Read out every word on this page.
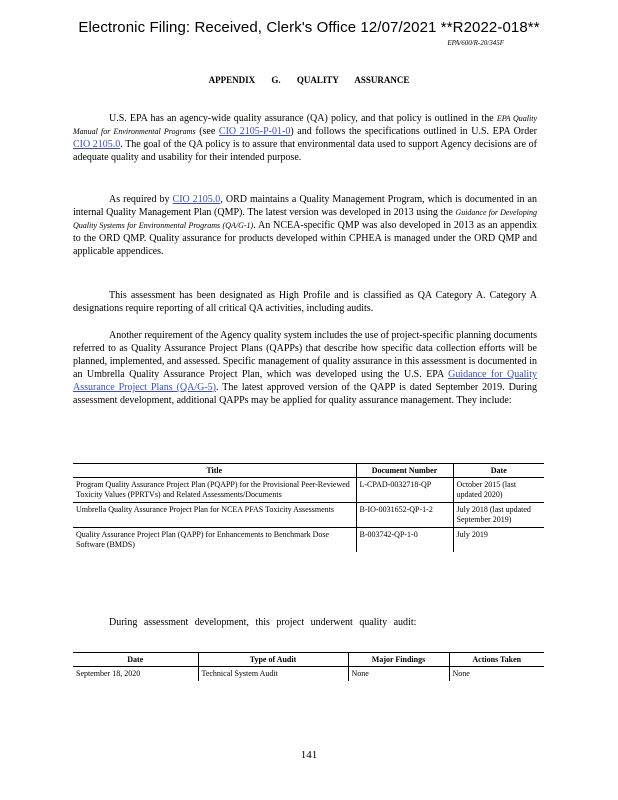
Electronic Filing: Received, Clerk's Office 12/07/2021 **R2022-018**
EPA/600/R-20/345F
APPENDIX G. QUALITY ASSURANCE

U.S. EPA has an agency-wide quality assurance (QA) policy, and that policy is outlined in the EPA Quality Manual for Environmental Programs (see CIO 2105-P-01-0) and follows the specifications outlined in U.S. EPA Order CIO 2105.0. The goal of the QA policy is to assure that environmental data used to support Agency decisions are of adequate quality and usability for their intended purpose.

As required by CIO 2105.0, ORD maintains a Quality Management Program, which is documented in an internal Quality Management Plan (QMP). The latest version was developed in 2013 using the Guidance for Developing Quality Systems for Environmental Programs (QA/G-1). An NCEA-specific QMP was also developed in 2013 as an appendix to the ORD QMP. Quality assurance for products developed within CPHEA is managed under the ORD QMP and applicable appendices.

This assessment has been designated as High Profile and is classified as QA Category A. Category A designations require reporting of all critical QA activities, including audits.

Another requirement of the Agency quality system includes the use of project-specific planning documents referred to as Quality Assurance Project Plans (QAPPs) that describe how specific data collection efforts will be planned, implemented, and assessed. Specific management of quality assurance in this assessment is documented in an Umbrella Quality Assurance Project Plan, which was developed using the U.S. EPA Guidance for Quality Assurance Project Plans (QA/G-5). The latest approved version of the QAPP is dated September 2019. During assessment development, additional QAPPs may be applied for quality assurance management. They include:

Title	Document Number	Date
Program Quality Assurance Project Plan (PQAPP) for the Provisional Peer-Reviewed Toxicity Values (PPRTVs) and Related Assessments/Documents	L-CPAD-0032718-QP	October 2015 (last updated 2020)
Umbrella Quality Assurance Project Plan for NCEA PFAS Toxicity Assessments	B-IO-0031652-QP-1-2	July 2018 (last updated September 2019)
Quality Assurance Project Plan (QAPP) for Enhancements to Benchmark Dose Software (BMDS)	B-003742-QP-1-0	July 2019
During assessment development, this project underwent quality audit:
Date	Type of Audit	Major Findings	Actions Taken
September 18, 2020	Technical System Audit	None	None
141
